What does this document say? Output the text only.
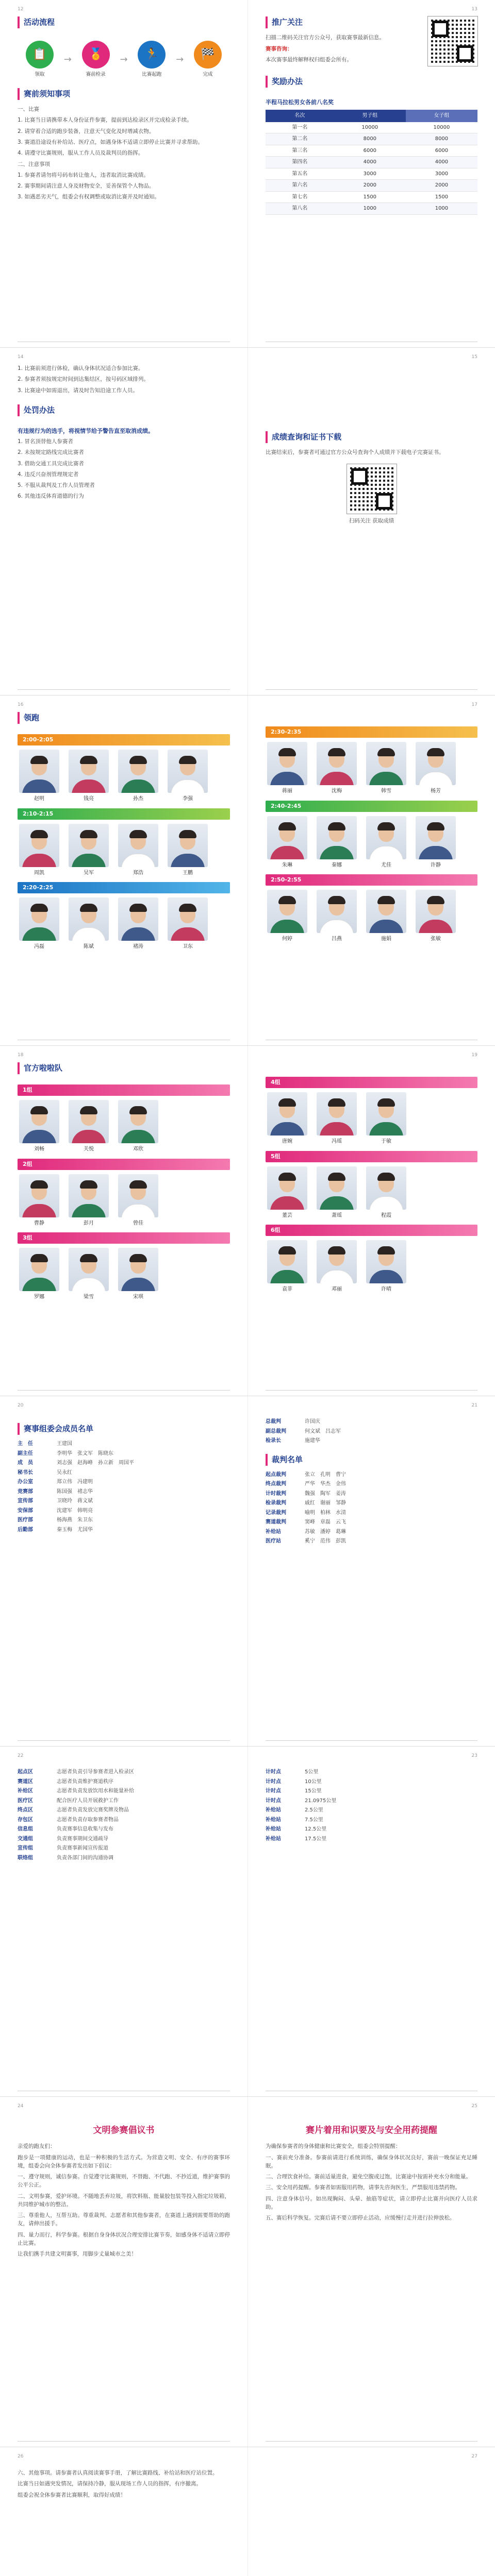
12
活动流程
📋
领取
→	🏅
赛前检录
→	🏃
比赛起跑
→	🏁
完成
赛前须知事项
一、比赛
1. 比赛当日请携带本人身份证件参赛，提前到达检录区并完成检录手续。
2. 请穿着合适的跑步装备，注意天气变化及时增减衣物。
3. 赛道沿途设有补给站、医疗点，如遇身体不适请立即停止比赛并寻求帮助。
4. 请遵守比赛规则，服从工作人员及裁判员的指挥。
二、注意事项
1. 参赛者请勿将号码布转让他人，违者取消比赛成绩。
2. 赛事期间请注意人身及财物安全，妥善保管个人物品。
3. 如遇恶劣天气，组委会有权调整或取消比赛并及时通知。
13
推广关注
扫描二维码关注官方公众号，获取赛事最新信息。
赛事咨询：
本次赛事最终解释权归组委会所有。
奖励办法
半程马拉松男女各前八名奖
名次	男子组	女子组
第一名	10000	10000
第二名	8000	8000
第三名	6000	6000
第四名	4000	4000
第五名	3000	3000
第六名	2000	2000
第七名	1500	1500
第八名	1000	1000
14
1. 比赛前须进行体检，确认身体状况适合参加比赛。
2. 参赛者须按规定时间到达集结区，按号码区域排列。
3. 比赛途中如需退出，请及时告知沿途工作人员。
处罚办法
有违规行为的选手，将视情节给予警告直至取消成绩。
1. 冒名顶替他人参赛者
2. 未按规定路线完成比赛者
3. 借助交通工具完成比赛者
4. 违反兴奋剂管理规定者
5. 不服从裁判及工作人员管理者
6. 其他违反体育道德的行为
15
成绩查询和证书下载
比赛结束后，参赛者可通过官方公众号查询个人成绩并下载电子完赛证书。
扫码关注 获取成绩
16
领跑
2:00-2:05
赵明	钱亮	孙杰	李强
2:10-2:15
周凯	吴军	郑浩	王鹏
2:20-2:25
冯磊	陈斌	褚涛	卫东
17
2:30-2:35
蒋丽	沈梅	韩雪	杨芳
2:40-2:45
朱琳	秦娜	尤佳	许静
2:50-2:55
何婷	吕燕	施娟	张敏
18
官方啦啦队
1组
刘畅	关悦	邓欣
2组
曹静	彭月	曾佳
3组
罗娜	梁雪	宋琪
19
4组
唐婉	冯瑶	于敏
5组
董芸	萧瑶	程霞
6组
袁菲	邓丽	许晴
20
赛事组委会成员名单
主　任	王建国
副主任	李明华　张文军　陈晓东
成　员	刘志强　赵海峰　孙立新　周国平
秘书长	吴永红
办公室	郑立伟　冯建明
竞赛部	陈国强　褚志华
宣传部	卫晓玲　蒋文斌
安保部	沈建军　韩明亮
医疗部	杨海燕　朱卫东
后勤部	秦玉梅　尤国华
21
总裁判	许国庆
副总裁判	何文斌　吕志军
检录长	施建华
裁判名单
起点裁判	张立　孔明　曹宁
终点裁判	严华　华杰　金伟
计时裁判	魏强　陶军　姜涛
检录裁判	戚红　谢丽　邹静
记录裁判	喻明　柏林　水清
赛道裁判	窦峰　章磊　云飞
补给站	苏敏　潘婷　葛琳
医疗站	奚宁　范伟　彭凯
22
起点区	志愿者负责引导参赛者进入检录区
赛道区	志愿者负责维护赛道秩序
补给区	志愿者负责发放饮用水和能量补给
医疗区	配合医疗人员开展救护工作
终点区	志愿者负责发放完赛奖牌及物品
存包区	志愿者负责存取参赛者物品
信息组	负责赛事信息收集与发布
交通组	负责赛事期间交通疏导
宣传组	负责赛事新闻宣传报道
联络组	负责各部门间的沟通协调
23
计时点	5公里
计时点	10公里
计时点	15公里
计时点	21.0975公里
补给站	2.5公里
补给站	7.5公里
补给站	12.5公里
补给站	17.5公里
24
文明参赛倡议书
亲爱的跑友们：
跑步是一项健康的运动，也是一种积极的生活方式。为营造文明、安全、有序的赛事环境，组委会向全体参赛者发出如下倡议：
一、遵守规则，诚信参赛。自觉遵守比赛规则，不替跑、不代跑、不抄近道，维护赛事的公平公正。
二、文明参赛，爱护环境。不随地丢弃垃圾，将饮料瓶、能量胶包装等投入指定垃圾箱，共同维护城市的整洁。
三、尊重他人，互帮互助。尊重裁判、志愿者和其他参赛者，在赛道上遇到需要帮助的跑友，请伸出援手。
四、量力而行，科学参赛。根据自身身体状况合理安排比赛节奏，如感身体不适请立即停止比赛。
让我们携手共建文明赛事，用脚步丈量城市之美！
25
赛片着用和识要及与安全用药提醒
为确保参赛者的身体健康和比赛安全，组委会特别提醒：
一、赛前充分准备。参赛前请进行系统训练，确保身体状况良好，赛前一晚保证充足睡眠。
二、合理饮食补给。赛前适量进食，避免空腹或过饱，比赛途中按需补充水分和能量。
三、安全用药提醒。参赛者如需服用药物，请事先咨询医生，严禁服用违禁药物。
四、注意身体信号。如出现胸闷、头晕、抽筋等症状，请立即停止比赛并向医疗人员求助。
五、赛后科学恢复。完赛后请不要立即停止活动，应缓慢行走并进行拉伸放松。
26
六、其他事项。请参赛者认真阅读赛事手册，了解比赛路线、补给站和医疗站位置。
比赛当日如遇突发情况，请保持冷静，服从现场工作人员的指挥，有序撤离。
组委会祝全体参赛者比赛顺利，取得好成绩！
27
